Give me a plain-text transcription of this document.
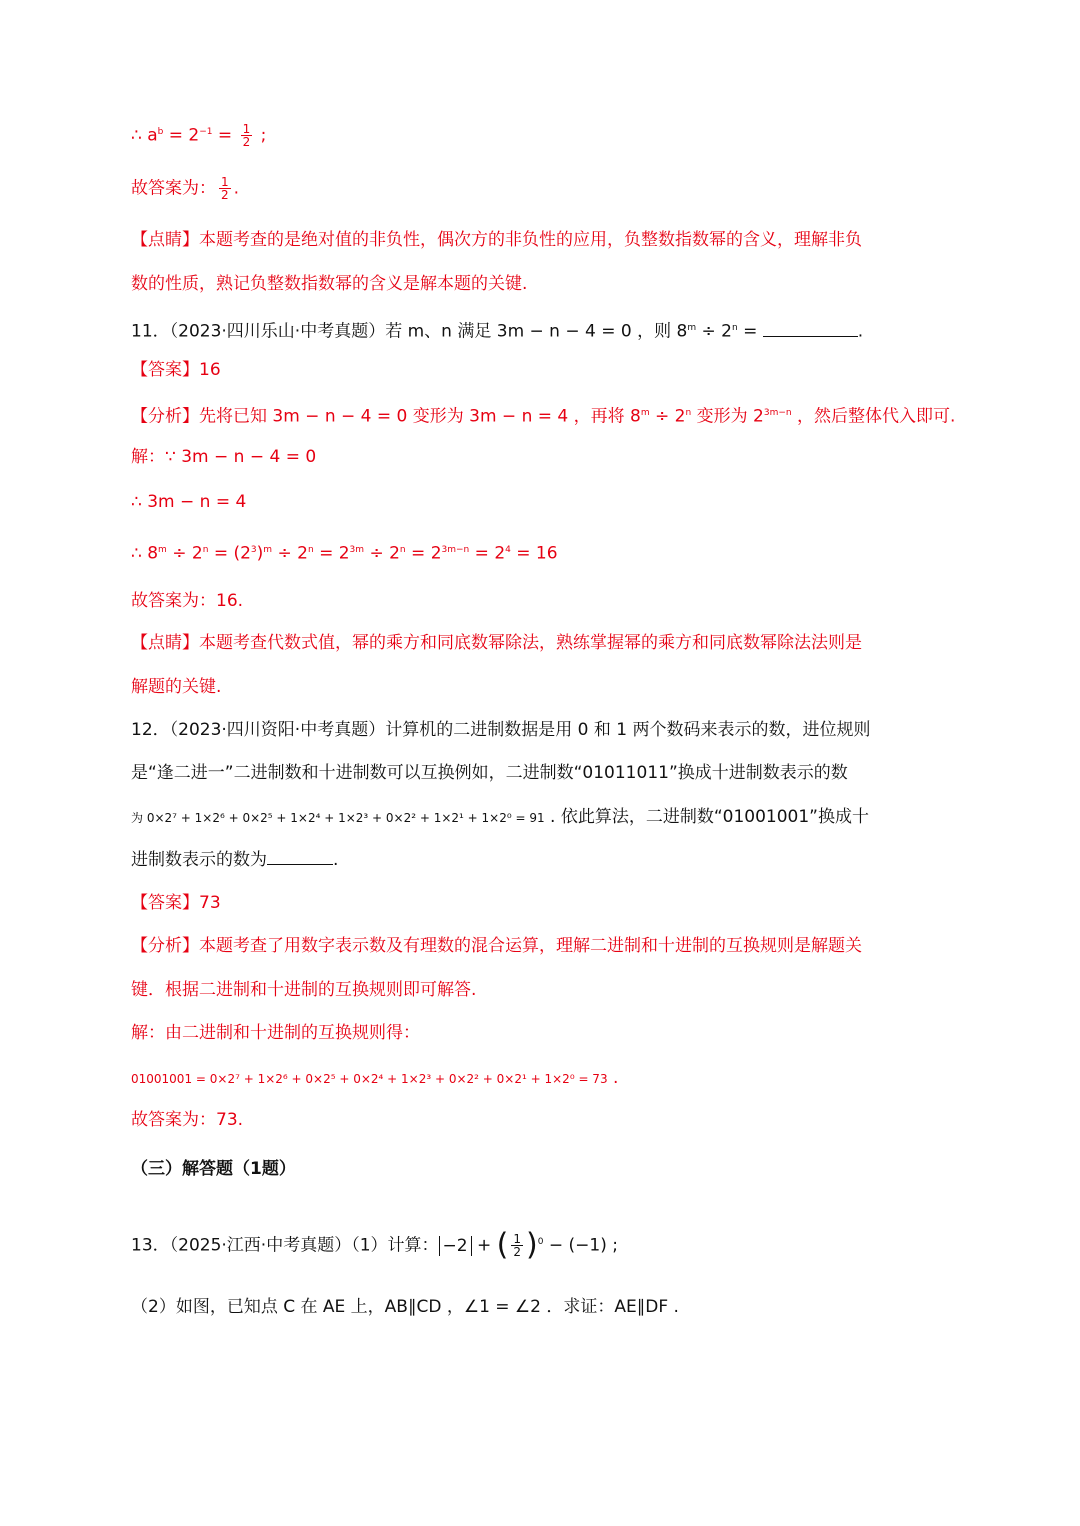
∴ $a^b = 2^{-1} = \frac{1}{2}$ ;
故答案为： $\frac{1}{2}$ .
【点睛】本题考查的是绝对值的非负性，偶次方的非负性的应用，负整数指数幂的含义，理解非负
数的性质，熟记负整数指数幂的含义是解本题的关键.
11．（2023·四川乐山·中考真题）若 m、n 满足 3m − n − 4 = 0 ，则 $8^m \div 2^n$ =	.
【答案】16
【分析】先将已知 3m − n − 4 = 0 变形为 3m − n = 4 ，再将 $8^m \div 2^n$ 变形为 $2^{3m-n}$ ，然后整体代入即可.
解：∵ 3m − n − 4 = 0
∴ 3m − n = 4
∴ $8^m \div 2^n = (2^3)^m \div 2^n = 2^{3m} \div 2^n = 2^{3m-n} = 2^4 = 16$
故答案为：16.
【点睛】本题考查代数式值，幂的乘方和同底数幂除法，熟练掌握幂的乘方和同底数幂除法法则是
解题的关键.
12．（2023·四川资阳·中考真题）计算机的二进制数据是用 0 和 1 两个数码来表示的数，进位规则
是“逢二进一”二进制数和十进制数可以互换例如，二进制数“01011011”换成十进制数表示的数
为 0×2⁷ + 1×2⁶ + 0×2⁵ + 1×2⁴ + 1×2³ + 0×2² + 1×2¹ + 1×2⁰ = 91 . 依此算法，二进制数“01001001”换成十
进制数表示的数为	.
【答案】73
【分析】本题考查了用数字表示数及有理数的混合运算，理解二进制和十进制的互换规则是解题关
键．根据二进制和十进制的互换规则即可解答.
解：由二进制和十进制的互换规则得：
01001001 = 0×2⁷ + 1×2⁶ + 0×2⁵ + 0×2⁴ + 1×2³ + 0×2² + 0×2¹ + 1×2⁰ = 73 .
故答案为：73.
（三）解答题（1题）
13．（2025·江西·中考真题）（1）计算： −2 + ( $\frac{1}{2} )^0 - (-1)$ ;
（2）如图，已知点 C 在 AE 上，AB∥CD ，∠1 = ∠2 ．求证：AE∥DF .
